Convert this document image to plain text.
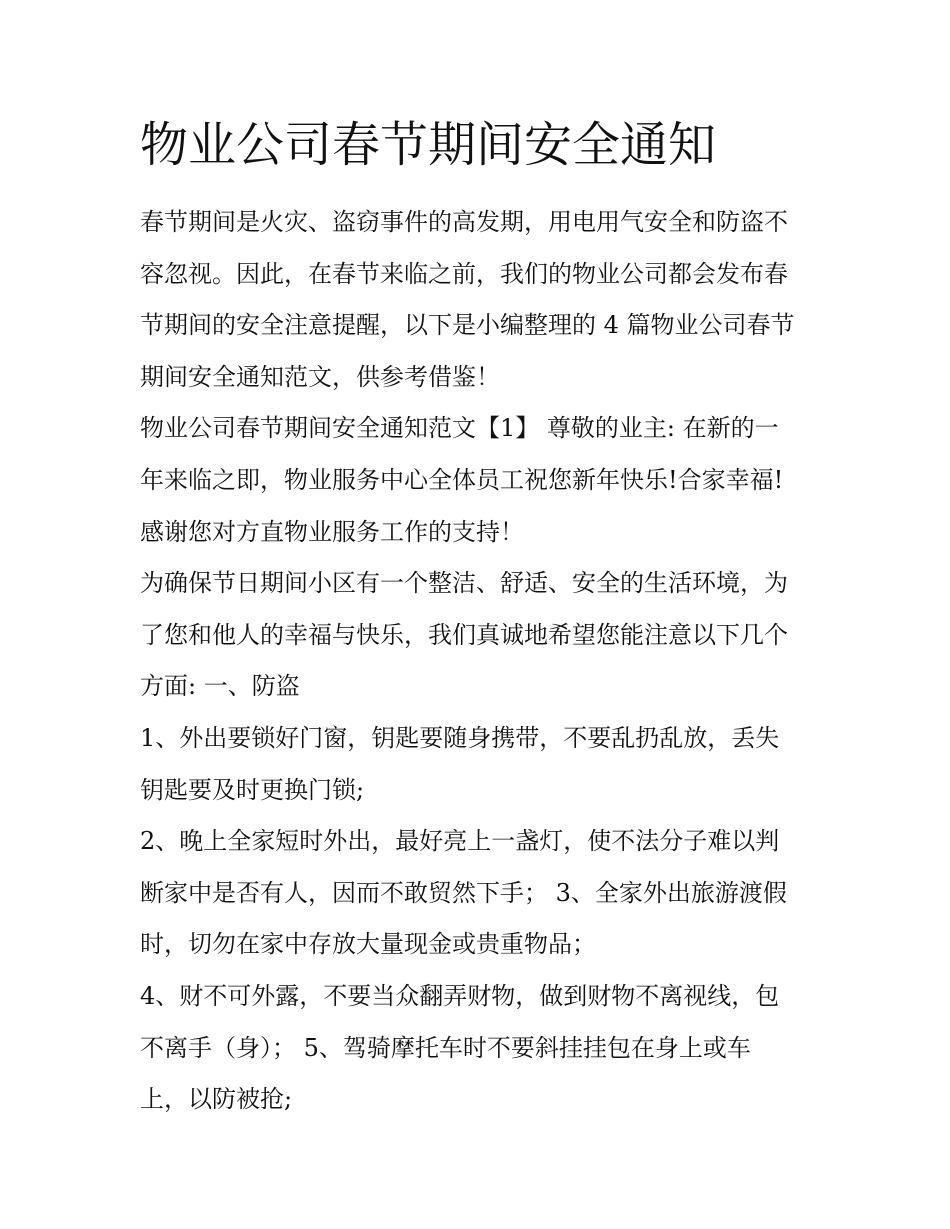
物业公司春节期间安全通知
春节期间是火灾、盗窃事件的高发期，用电用气安全和防盗不
容忽视。因此，在春节来临之前，我们的物业公司都会发布春
节期间的安全注意提醒，以下是小编整理的 4 篇物业公司春节
期间安全通知范文，供参考借鉴！
物业公司春节期间安全通知范文【1】 尊敬的业主: 在新的一
年来临之即，物业服务中心全体员工祝您新年快乐!合家幸福!
感谢您对方直物业服务工作的支持！
为确保节日期间小区有一个整洁、舒适、安全的生活环境，为
了您和他人的幸福与快乐，我们真诚地希望您能注意以下几个
方面: 一、防盗
1、外出要锁好门窗，钥匙要随身携带，不要乱扔乱放，丢失
钥匙要及时更换门锁;
2、晚上全家短时外出，最好亮上一盏灯，使不法分子难以判
断家中是否有人，因而不敢贸然下手； 3、全家外出旅游渡假
时，切勿在家中存放大量现金或贵重物品；
4、财不可外露，不要当众翻弄财物，做到财物不离视线，包
不离手（身）； 5、驾骑摩托车时不要斜挂挂包在身上或车
上，以防被抢;
